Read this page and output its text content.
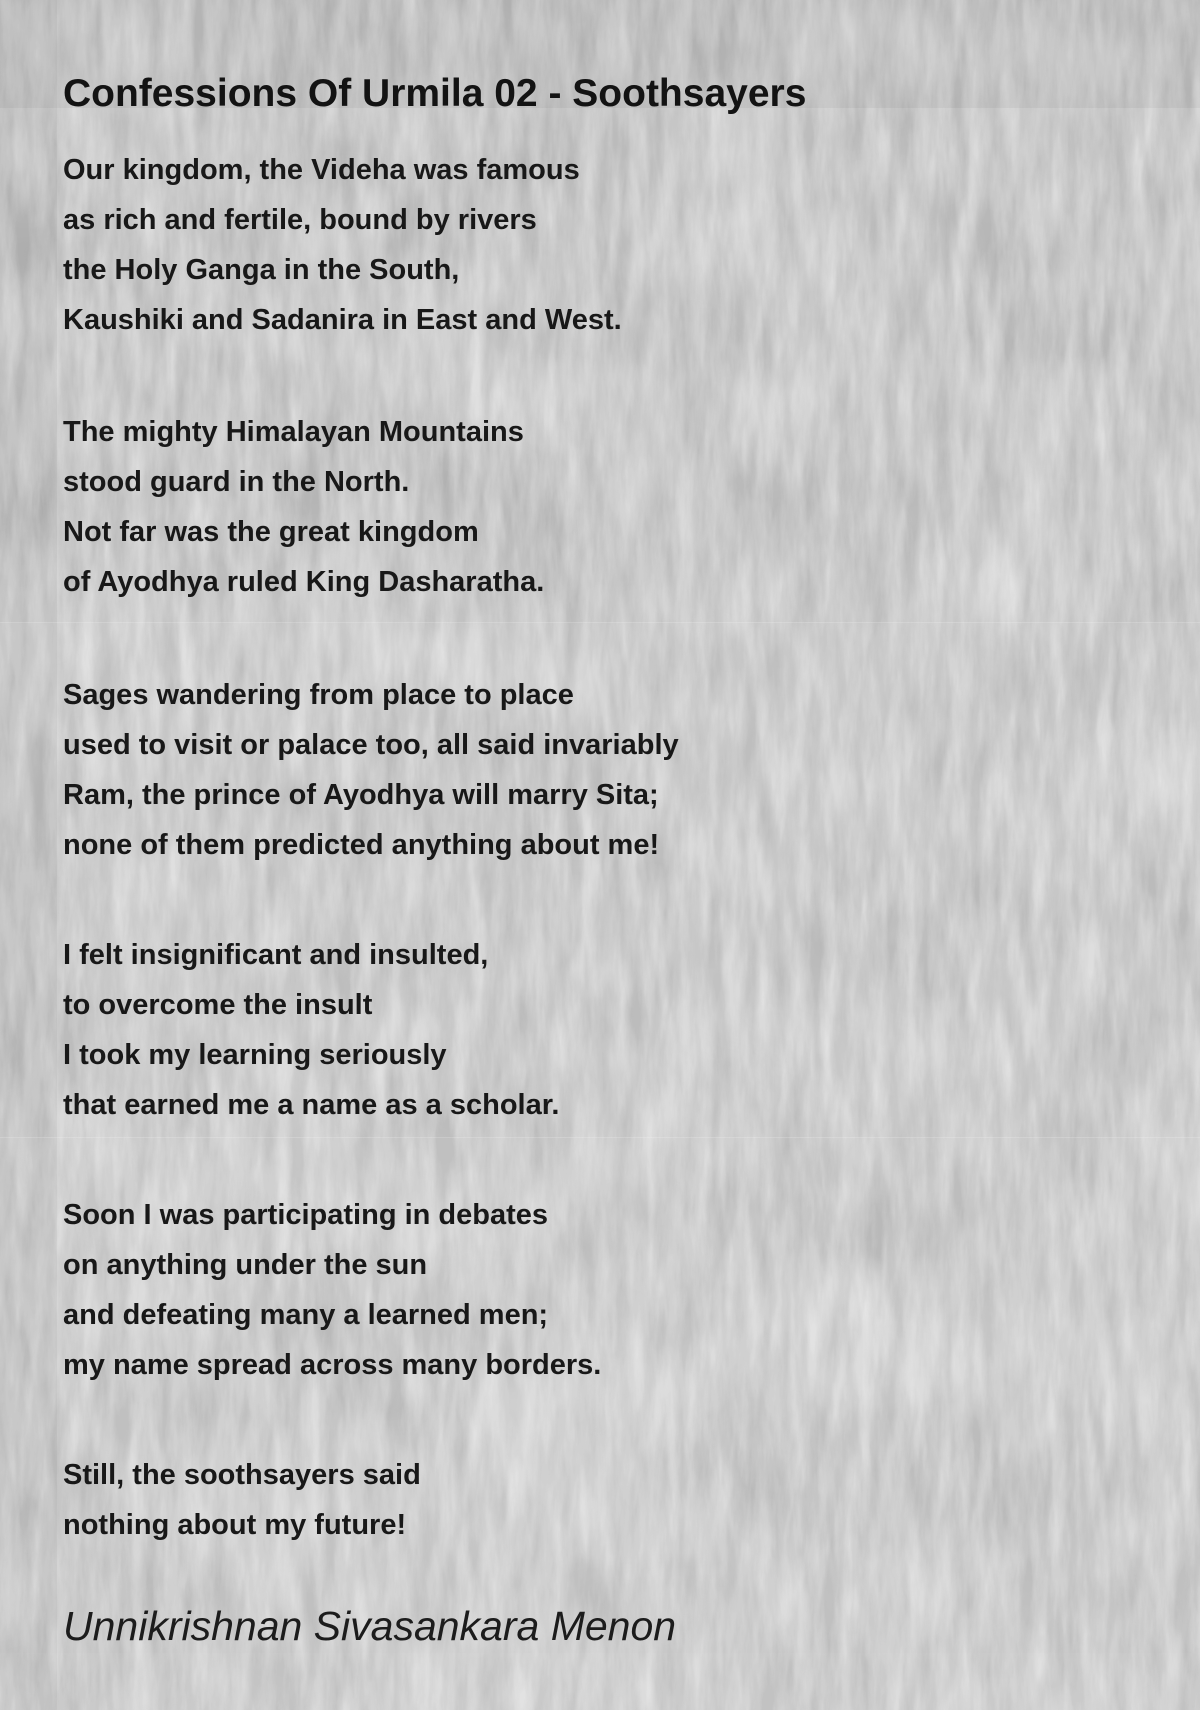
Confessions Of Urmila 02 - Soothsayers
Our kingdom, the Videha was famous
as rich and fertile, bound by rivers
the Holy Ganga in the South,
Kaushiki and Sadanira in East and West.
The mighty Himalayan Mountains
stood guard in the North.
Not far was the great kingdom
of Ayodhya ruled King Dasharatha.
Sages wandering from place to place
used to visit or palace too, all said invariably
Ram, the prince of Ayodhya will marry Sita;
none of them predicted anything about me!
I felt insignificant and insulted,
to overcome the insult
I took my learning seriously
that earned me a name as a scholar.
Soon I was participating in debates
on anything under the sun
and defeating many a learned men;
my name spread across many borders.
Still, the soothsayers said
nothing about my future!
Unnikrishnan Sivasankara Menon
